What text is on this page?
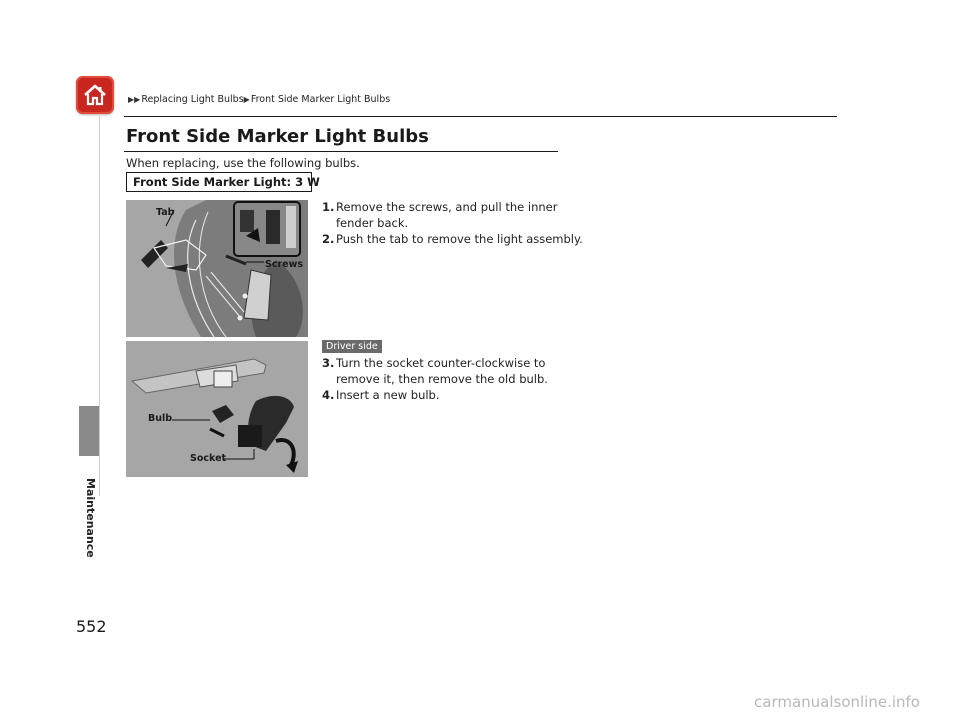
▶▶Replacing Light Bulbs▶Front Side Marker Light Bulbs
Maintenance
Front Side Marker Light Bulbs
When replacing, use the following bulbs.
Front Side Marker Light: 3 W
Tab
Screws
Bulb
Socket
1. Remove the screws, and pull the inner
fender back.
2. Push the tab to remove the light assembly.
Driver side
3. Turn the socket counter-clockwise to
remove it, then remove the old bulb.
4. Insert a new bulb.
552
carmanualsonline.info
